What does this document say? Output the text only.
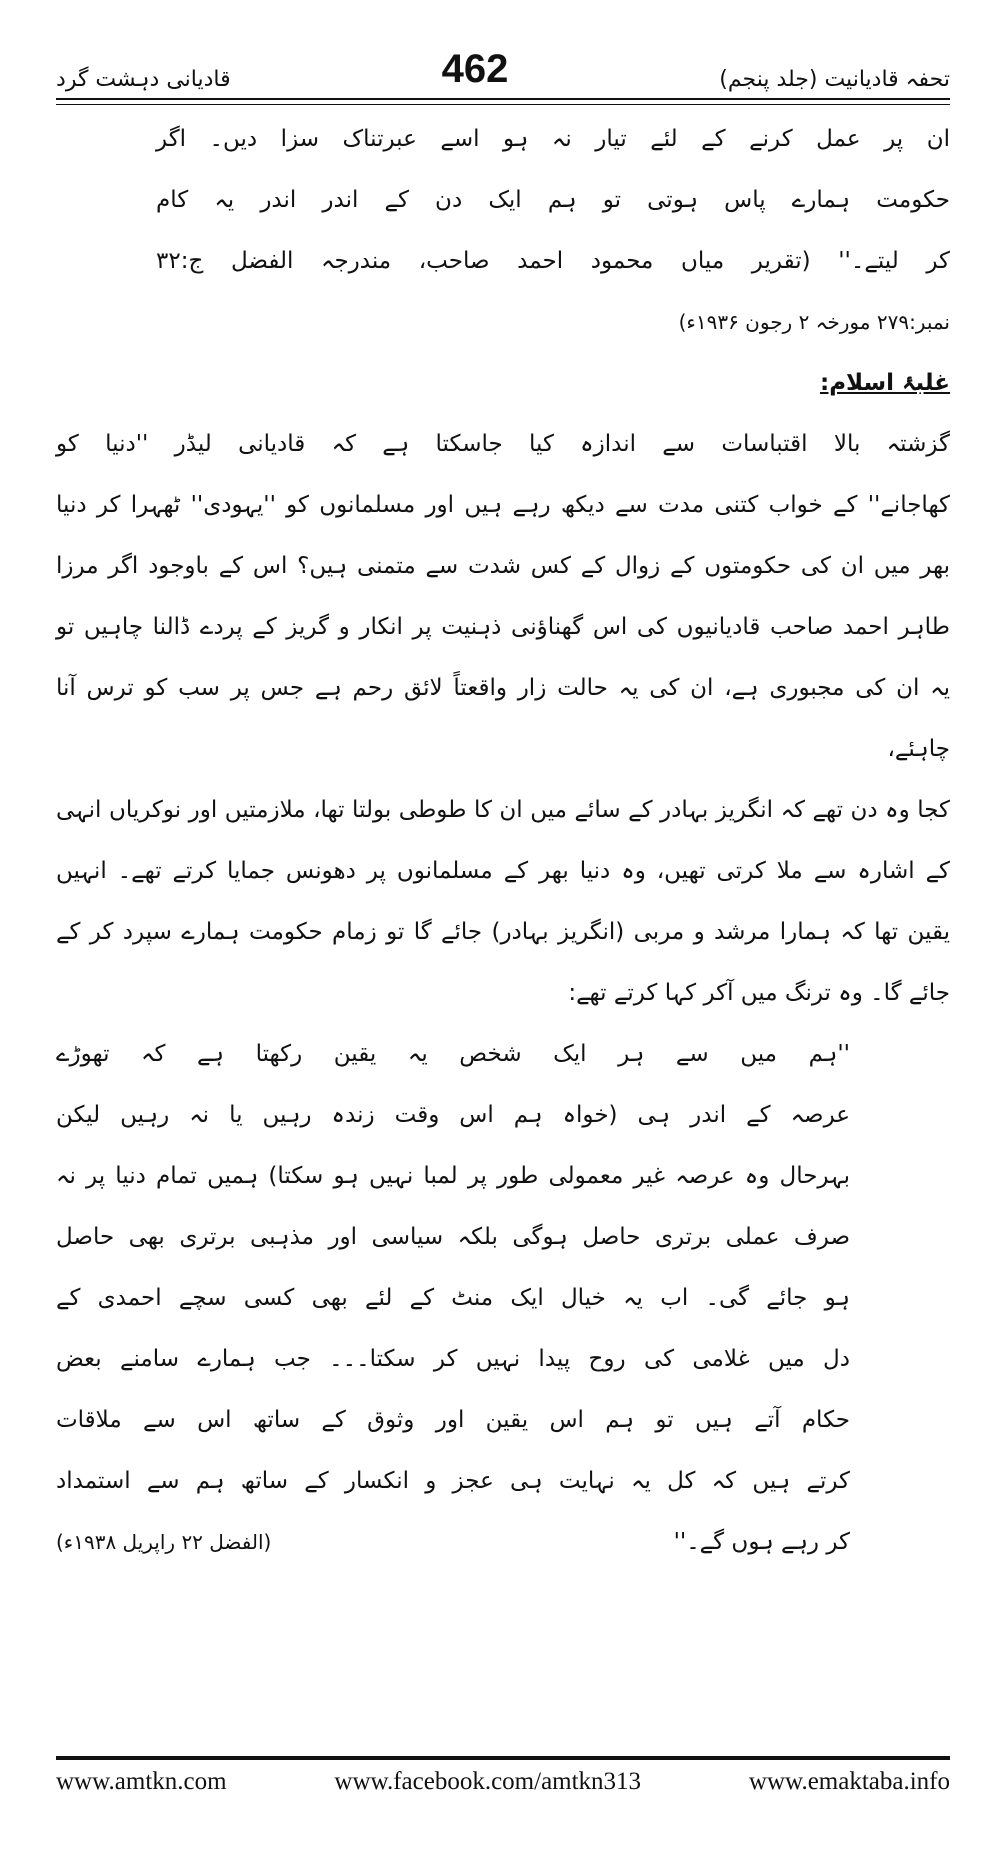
تحفہ قادیانیت (جلد پنجم)
462
قادیانی دہشت گرد
ان پر عمل کرنے کے لئے تیار نہ ہو اسے عبرتناک سزا دیں۔ اگر
حکومت ہمارے پاس ہوتی تو ہم ایک دن کے اندر اندر یہ کام
کر لیتے۔'' (تقریر میاں محمود احمد صاحب، مندرجہ الفضل ج:۳۲
نمبر:۲۷۹ مورخہ ۲ رجون ۱۹۳۶ء)
غلبۂ اسلام:
گزشتہ بالا اقتباسات سے اندازہ کیا جاسکتا ہے کہ قادیانی لیڈر ''دنیا کو
کھاجانے'' کے خواب کتنی مدت سے دیکھ رہے ہیں اور مسلمانوں کو ''یہودی'' ٹھہرا کر دنیا
بھر میں ان کی حکومتوں کے زوال کے کس شدت سے متمنی ہیں؟ اس کے باوجود اگر مرزا
طاہر احمد صاحب قادیانیوں کی اس گھناؤنی ذہنیت پر انکار و گریز کے پردے ڈالنا چاہیں تو
یہ ان کی مجبوری ہے، ان کی یہ حالت زار واقعتاً لائق رحم ہے جس پر سب کو ترس آنا چاہئے،
کجا وہ دن تھے کہ انگریز بہادر کے سائے میں ان کا طوطی بولتا تھا، ملازمتیں اور نوکریاں انہی
کے اشارہ سے ملا کرتی تھیں، وہ دنیا بھر کے مسلمانوں پر دھونس جمایا کرتے تھے۔ انہیں
یقین تھا کہ ہمارا مرشد و مربی (انگریز بہادر) جائے گا تو زمام حکومت ہمارے سپرد کر کے
جائے گا۔ وہ ترنگ میں آکر کہا کرتے تھے:
''ہم میں سے ہر ایک شخص یہ یقین رکھتا ہے کہ تھوڑے
عرصہ کے اندر ہی (خواہ ہم اس وقت زندہ رہیں یا نہ رہیں لیکن
بہرحال وہ عرصہ غیر معمولی طور پر لمبا نہیں ہو سکتا) ہمیں تمام دنیا پر نہ
صرف عملی برتری حاصل ہوگی بلکہ سیاسی اور مذہبی برتری بھی حاصل
ہو جائے گی۔ اب یہ خیال ایک منٹ کے لئے بھی کسی سچے احمدی کے
دل میں غلامی کی روح پیدا نہیں کر سکتا۔۔۔ جب ہمارے سامنے بعض
حکام آتے ہیں تو ہم اس یقین اور وثوق کے ساتھ اس سے ملاقات
کرتے ہیں کہ کل یہ نہایت ہی عجز و انکسار کے ساتھ ہم سے استمداد
کر رہے ہوں گے۔''
(الفضل ۲۲ راپریل ۱۹۳۸ء)
www.amtkn.com	www.facebook.com/amtkn313	www.emaktaba.info
